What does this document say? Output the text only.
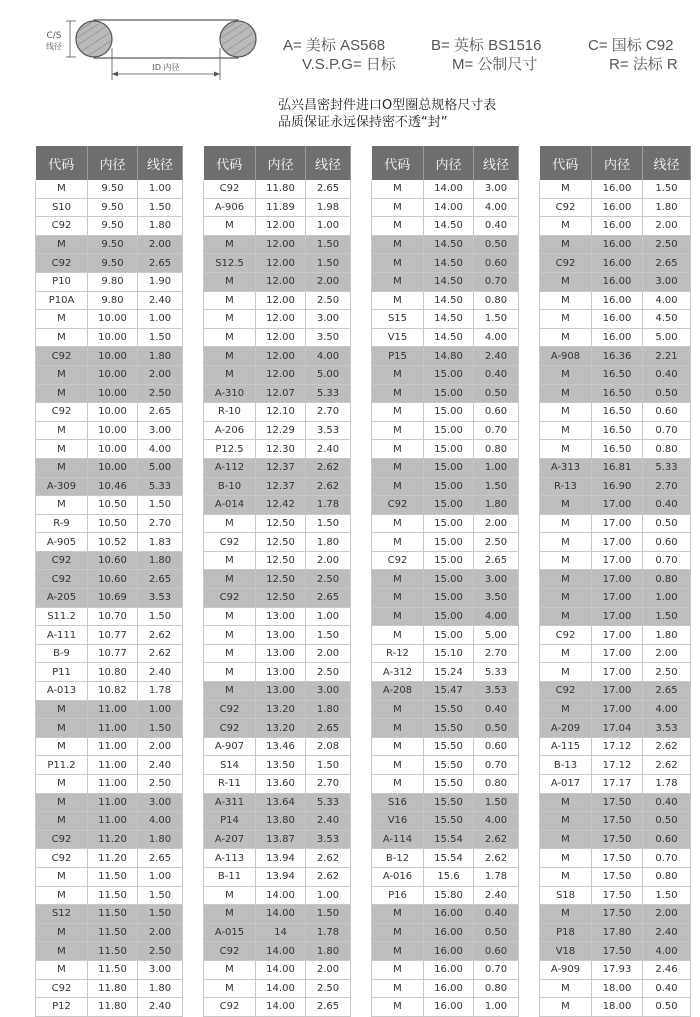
C/S
线径
ID 内径
A= 美标 AS568	B= 英标 BS1516	C= 国标 C92
V.S.P.G= 日标	M= 公制尺寸	R= 法标 R
弘兴昌密封件进口O型圈总规格尺寸表
品质保证永远保持密不透“封”
代码	内径	线径
M	9.50	1.00
S10	9.50	1.50
C92	9.50	1.80
M	9.50	2.00
C92	9.50	2.65
P10	9.80	1.90
P10A	9.80	2.40
M	10.00	1.00
M	10.00	1.50
C92	10.00	1.80
M	10.00	2.00
M	10.00	2.50
C92	10.00	2.65
M	10.00	3.00
M	10.00	4.00
M	10.00	5.00
A-309	10.46	5.33
M	10.50	1.50
R-9	10.50	2.70
A-905	10.52	1.83
C92	10.60	1.80
C92	10.60	2.65
A-205	10.69	3.53
S11.2	10.70	1.50
A-111	10.77	2.62
B-9	10.77	2.62
P11	10.80	2.40
A-013	10.82	1.78
M	11.00	1.00
M	11.00	1.50
M	11.00	2.00
P11.2	11.00	2.40
M	11.00	2.50
M	11.00	3.00
M	11.00	4.00
C92	11.20	1.80
C92	11.20	2.65
M	11.50	1.00
M	11.50	1.50
S12	11.50	1.50
M	11.50	2.00
M	11.50	2.50
M	11.50	3.00
C92	11.80	1.80
P12	11.80	2.40
代码	内径	线径
C92	11.80	2.65
A-906	11.89	1.98
M	12.00	1.00
M	12.00	1.50
S12.5	12.00	1.50
M	12.00	2.00
M	12.00	2.50
M	12.00	3.00
M	12.00	3.50
M	12.00	4.00
M	12.00	5.00
A-310	12.07	5.33
R-10	12.10	2.70
A-206	12.29	3.53
P12.5	12.30	2.40
A-112	12.37	2.62
B-10	12.37	2.62
A-014	12.42	1.78
M	12.50	1.50
C92	12.50	1.80
M	12.50	2.00
M	12.50	2.50
C92	12.50	2.65
M	13.00	1.00
M	13.00	1.50
M	13.00	2.00
M	13.00	2.50
M	13.00	3.00
C92	13.20	1.80
C92	13.20	2.65
A-907	13.46	2.08
S14	13.50	1.50
R-11	13.60	2.70
A-311	13.64	5.33
P14	13.80	2.40
A-207	13.87	3.53
A-113	13.94	2.62
B-11	13.94	2.62
M	14.00	1.00
M	14.00	1.50
A-015	14	1.78
C92	14.00	1.80
M	14.00	2.00
M	14.00	2.50
C92	14.00	2.65
代码	内径	线径
M	14.00	3.00
M	14.00	4.00
M	14.50	0.40
M	14.50	0.50
M	14.50	0.60
M	14.50	0.70
M	14.50	0.80
S15	14.50	1.50
V15	14.50	4.00
P15	14.80	2.40
M	15.00	0.40
M	15.00	0.50
M	15.00	0.60
M	15.00	0.70
M	15.00	0.80
M	15.00	1.00
M	15.00	1.50
C92	15.00	1.80
M	15.00	2.00
M	15.00	2.50
C92	15.00	2.65
M	15.00	3.00
M	15.00	3.50
M	15.00	4.00
M	15.00	5.00
R-12	15.10	2.70
A-312	15.24	5.33
A-208	15.47	3.53
M	15.50	0.40
M	15.50	0.50
M	15.50	0.60
M	15.50	0.70
M	15.50	0.80
S16	15.50	1.50
V16	15.50	4.00
A-114	15.54	2.62
B-12	15.54	2.62
A-016	15.6	1.78
P16	15.80	2.40
M	16.00	0.40
M	16.00	0.50
M	16.00	0.60
M	16.00	0.70
M	16.00	0.80
M	16.00	1.00
代码	内径	线径
M	16.00	1.50
C92	16.00	1.80
M	16.00	2.00
M	16.00	2.50
C92	16.00	2.65
M	16.00	3.00
M	16.00	4.00
M	16.00	4.50
M	16.00	5.00
A-908	16.36	2.21
M	16.50	0.40
M	16.50	0.50
M	16.50	0.60
M	16.50	0.70
M	16.50	0.80
A-313	16.81	5.33
R-13	16.90	2.70
M	17.00	0.40
M	17.00	0.50
M	17.00	0.60
M	17.00	0.70
M	17.00	0.80
M	17.00	1.00
M	17.00	1.50
C92	17.00	1.80
M	17.00	2.00
M	17.00	2.50
C92	17.00	2.65
M	17.00	4.00
A-209	17.04	3.53
A-115	17.12	2.62
B-13	17.12	2.62
A-017	17.17	1.78
M	17.50	0.40
M	17.50	0.50
M	17.50	0.60
M	17.50	0.70
M	17.50	0.80
S18	17.50	1.50
M	17.50	2.00
P18	17.80	2.40
V18	17.50	4.00
A-909	17.93	2.46
M	18.00	0.40
M	18.00	0.50
